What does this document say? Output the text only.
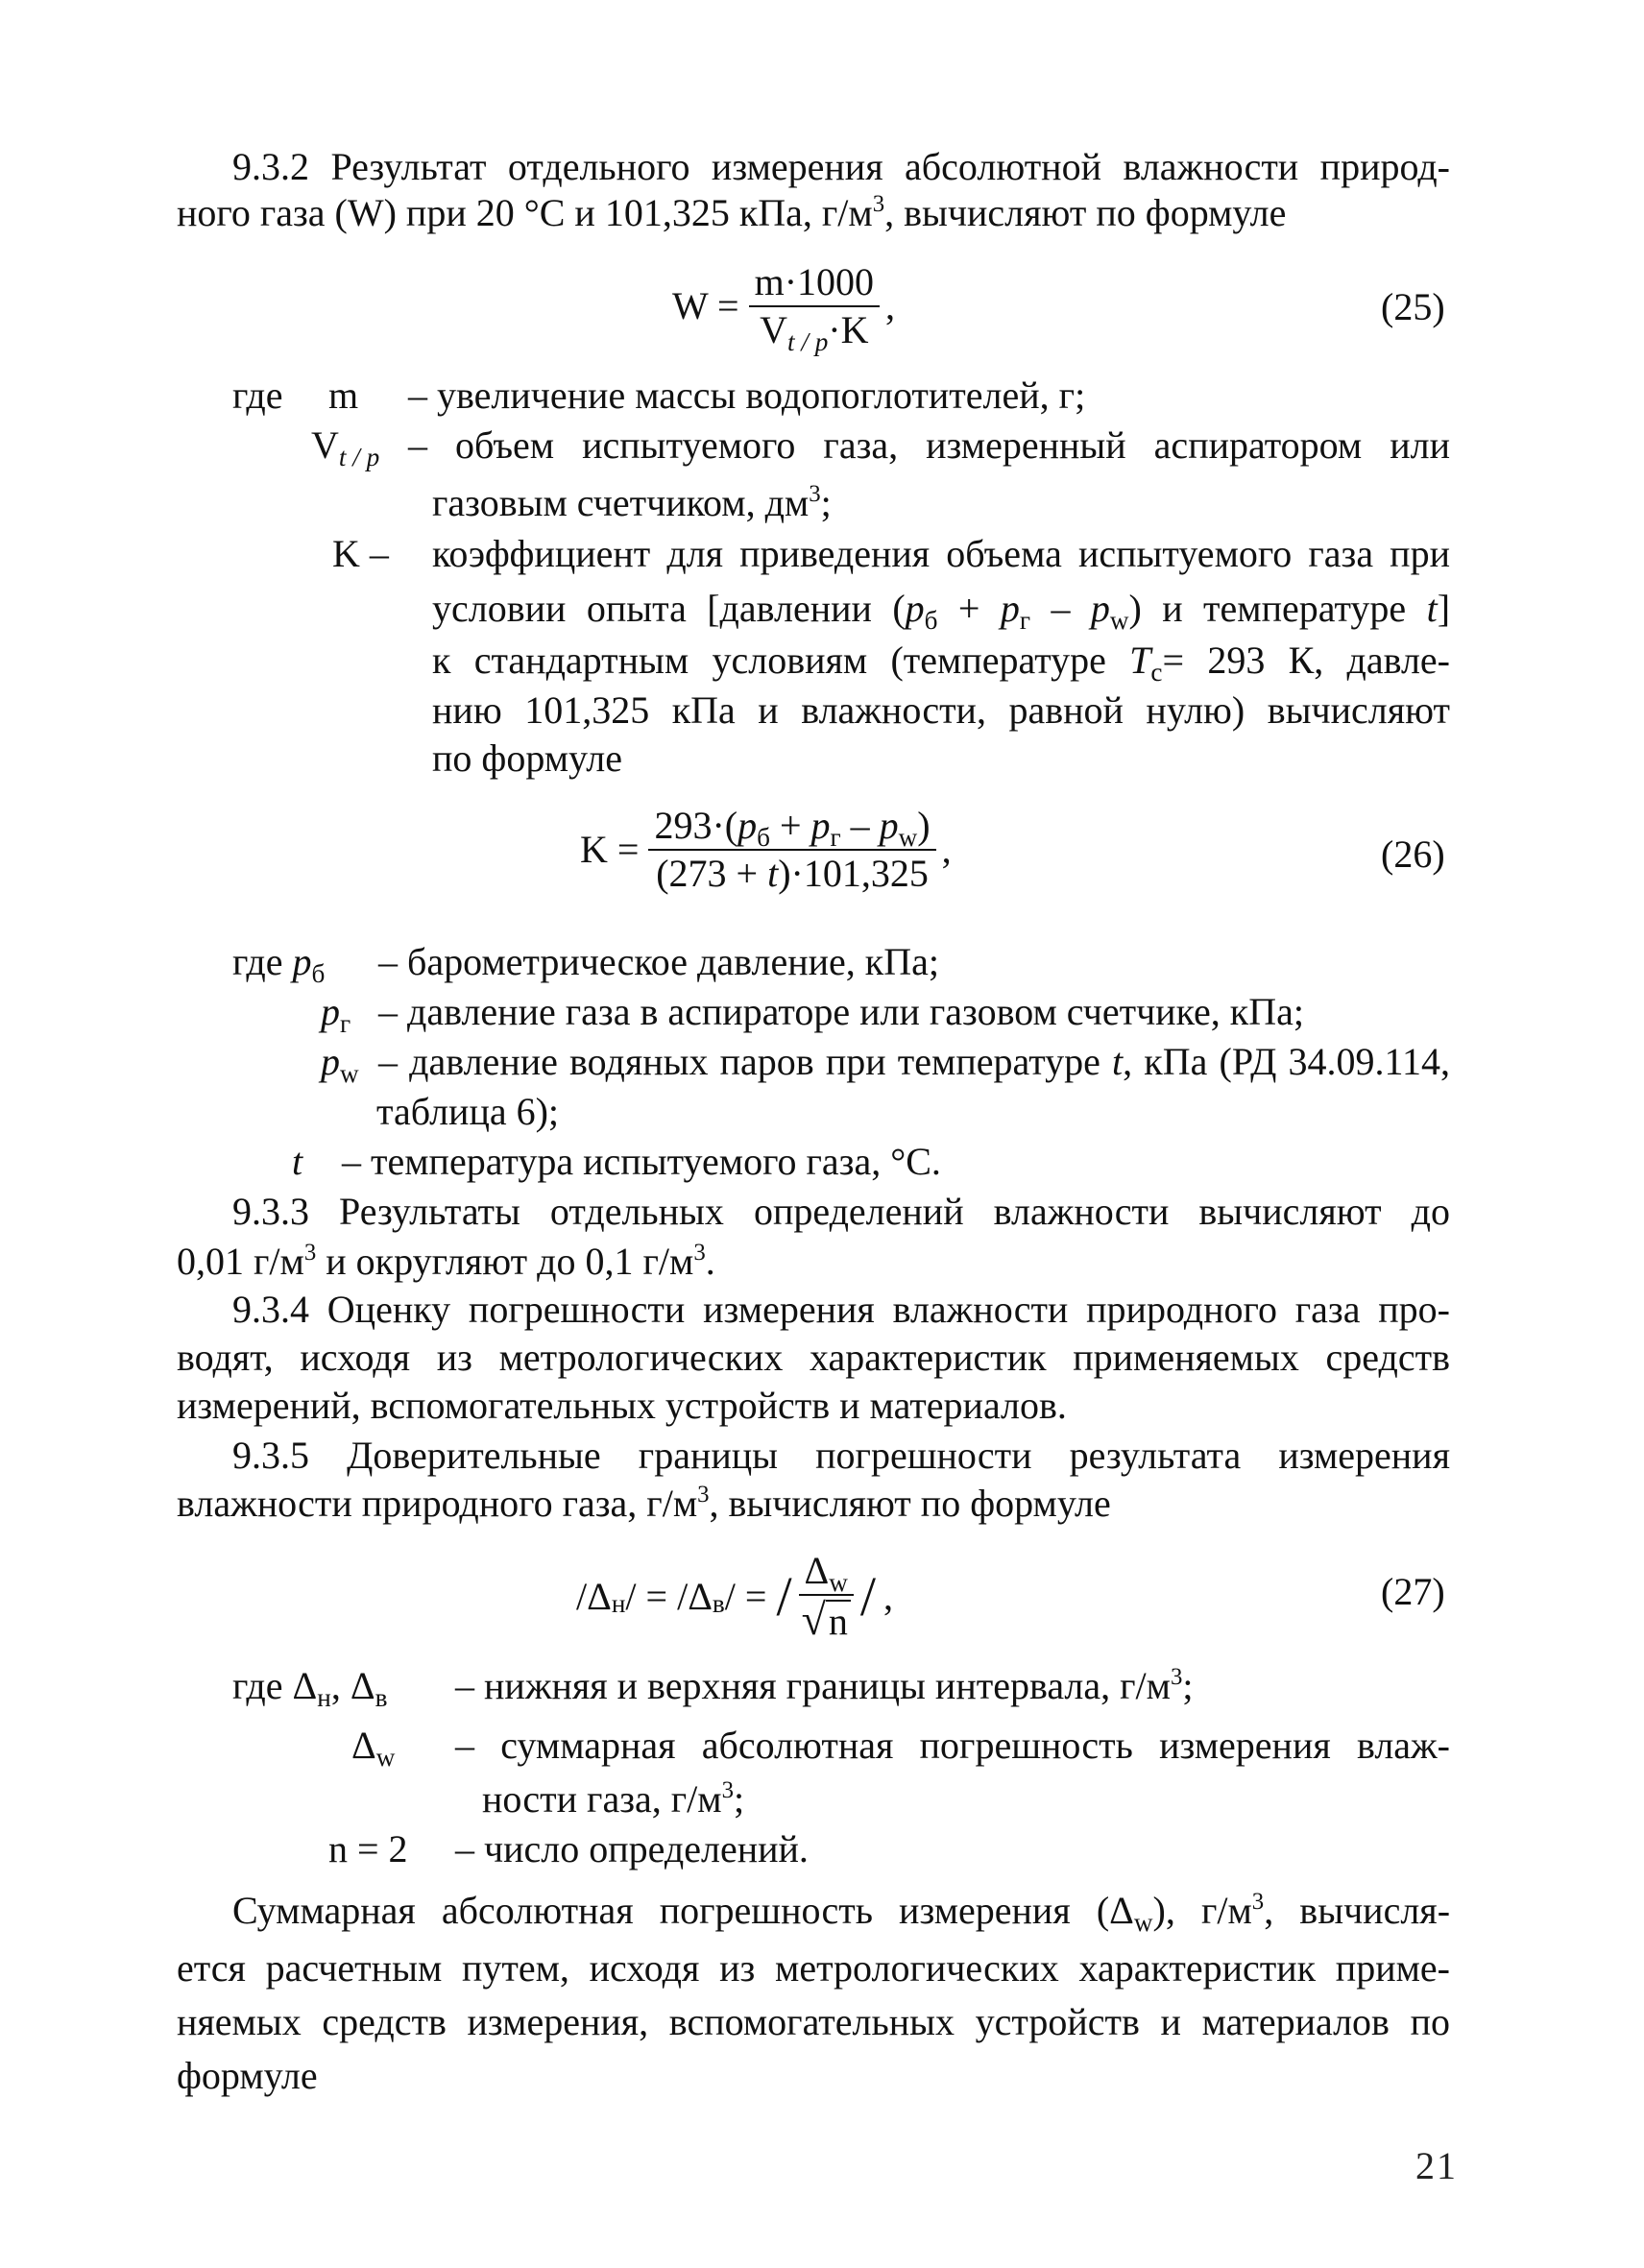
9.3.2 Результат отдельного измерения абсолютной влажности природ-
ного газа (W) при 20 °С и 101,325 кПа, $г/м^3$, вычисляют по формуле
$W = \frac{m\cdot 1000}{Vt / p\cdot K}$ ,	(25)
где m – увеличение массы водопоглотителей, г;
Vt / p – объем испытуемого газа, измеренный аспиратором или
газовым счетчиком, $дм^3$;
K – коэффициент для приведения объема испытуемого газа при
условии опыта [давлении (pб + pг – pw) и температуре t]
к стандартным условиям (температуре Tс= 293 К, давле-
нию 101,325 кПа и влажности, равной нулю) вычисляют
по формуле
$K = \frac{293\cdot(pб + pг - pw)}{(273 + t)\cdot 101,325}$ ,	(26)
где pб – барометрическое давление, кПа;
pг – давление газа в аспираторе или газовом счетчике, кПа;
pw – давление водяных паров при температуре t, кПа (РД 34.09.114,
таблица 6);
t – температура испытуемого газа, °С.
9.3.3 Результаты отдельных определений влажности вычисляют до
0,01 $г/м^3$ и округляют до 0,1 $г/м^3$.
9.3.4 Оценку погрешности измерения влажности природного газа про-
водят, исходя из метрологических характеристик применяемых средств
измерений, вспомогательных устройств и материалов.
9.3.5 Доверительные границы погрешности результата измерения
влажности природного газа, $г/м^3$, вычисляют по формуле
/Δ н / = /Δ в / = / $\frac{\Delta w}{√ n}$ / ,	(27)
где Δн, Δв – нижняя и верхняя границы интервала, $г/м^3$;
Δw – суммарная абсолютная погрешность измерения влаж-
ности газа, $г/м^3$;
n = 2 – число определений.
Суммарная абсолютная погрешность измерения (Δw), $г/м^3$, вычисля-
ется расчетным путем, исходя из метрологических характеристик приме-
няемых средств измерения, вспомогательных устройств и материалов по
формуле
21
